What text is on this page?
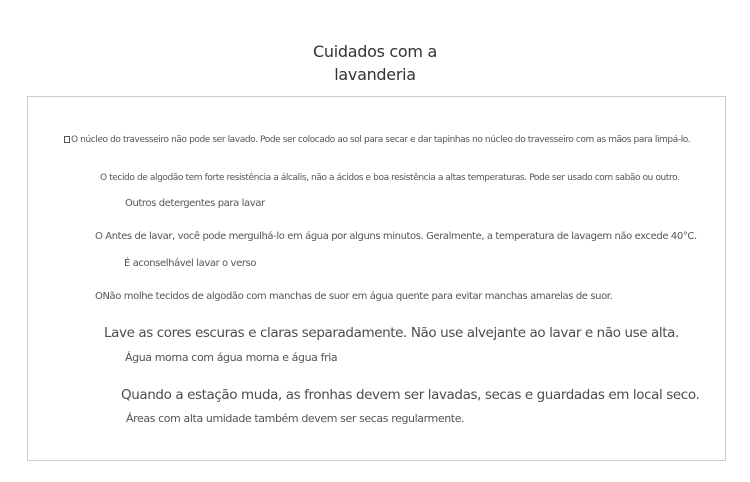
Cuidados com a
lavanderia
O núcleo do travesseiro não pode ser lavado. Pode ser colocado ao sol para secar e dar tapinhas no núcleo do travesseiro com as mãos para limpá-lo.
O tecido de algodão tem forte resistência a álcalis, não a ácidos e boa resistência a altas temperaturas. Pode ser usado com sabão ou outro.
Outros detergentes para lavar
O Antes de lavar, você pode mergulhá-lo em água por alguns minutos. Geralmente, a temperatura de lavagem não excede 40°C.
É aconselhável lavar o verso
ONão molhe tecidos de algodão com manchas de suor em água quente para evitar manchas amarelas de suor.
Lave as cores escuras e claras separadamente. Não use alvejante ao lavar e não use alta.
Água morna com água morna e água fria
Quando a estação muda, as fronhas devem ser lavadas, secas e guardadas em local seco.
Áreas com alta umidade também devem ser secas regularmente.
